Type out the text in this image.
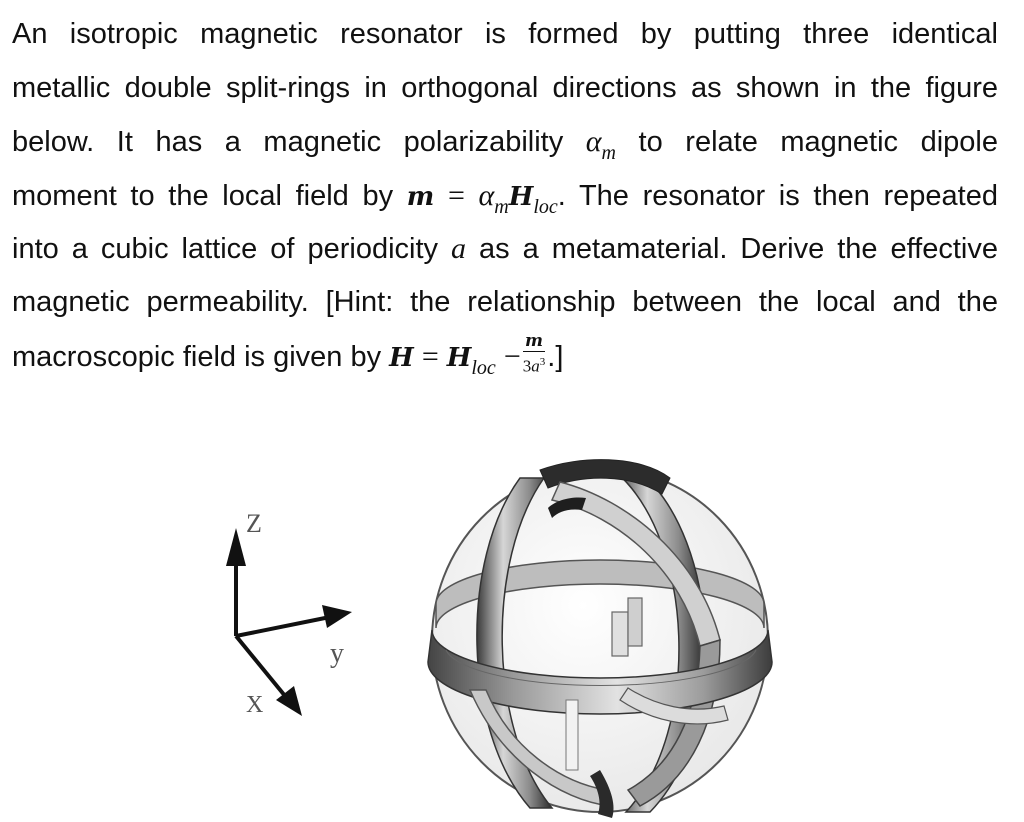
An isotropic magnetic resonator is formed by putting three identical
metallic double split-rings in orthogonal directions as shown in the figure
below. It has a magnetic polarizability $\alpha_m$ to relate magnetic dipole
moment to the local field by $m = \alpha_mH_{loc}$. The resonator is then repeated
into a cubic lattice of periodicity a as a metamaterial. Derive the effective
magnetic permeability. [Hint: the relationship between the local and the
macroscopic field is given by $H = H_{loc} - \frac{m}{3a^3}$ .]
Z
y
X
